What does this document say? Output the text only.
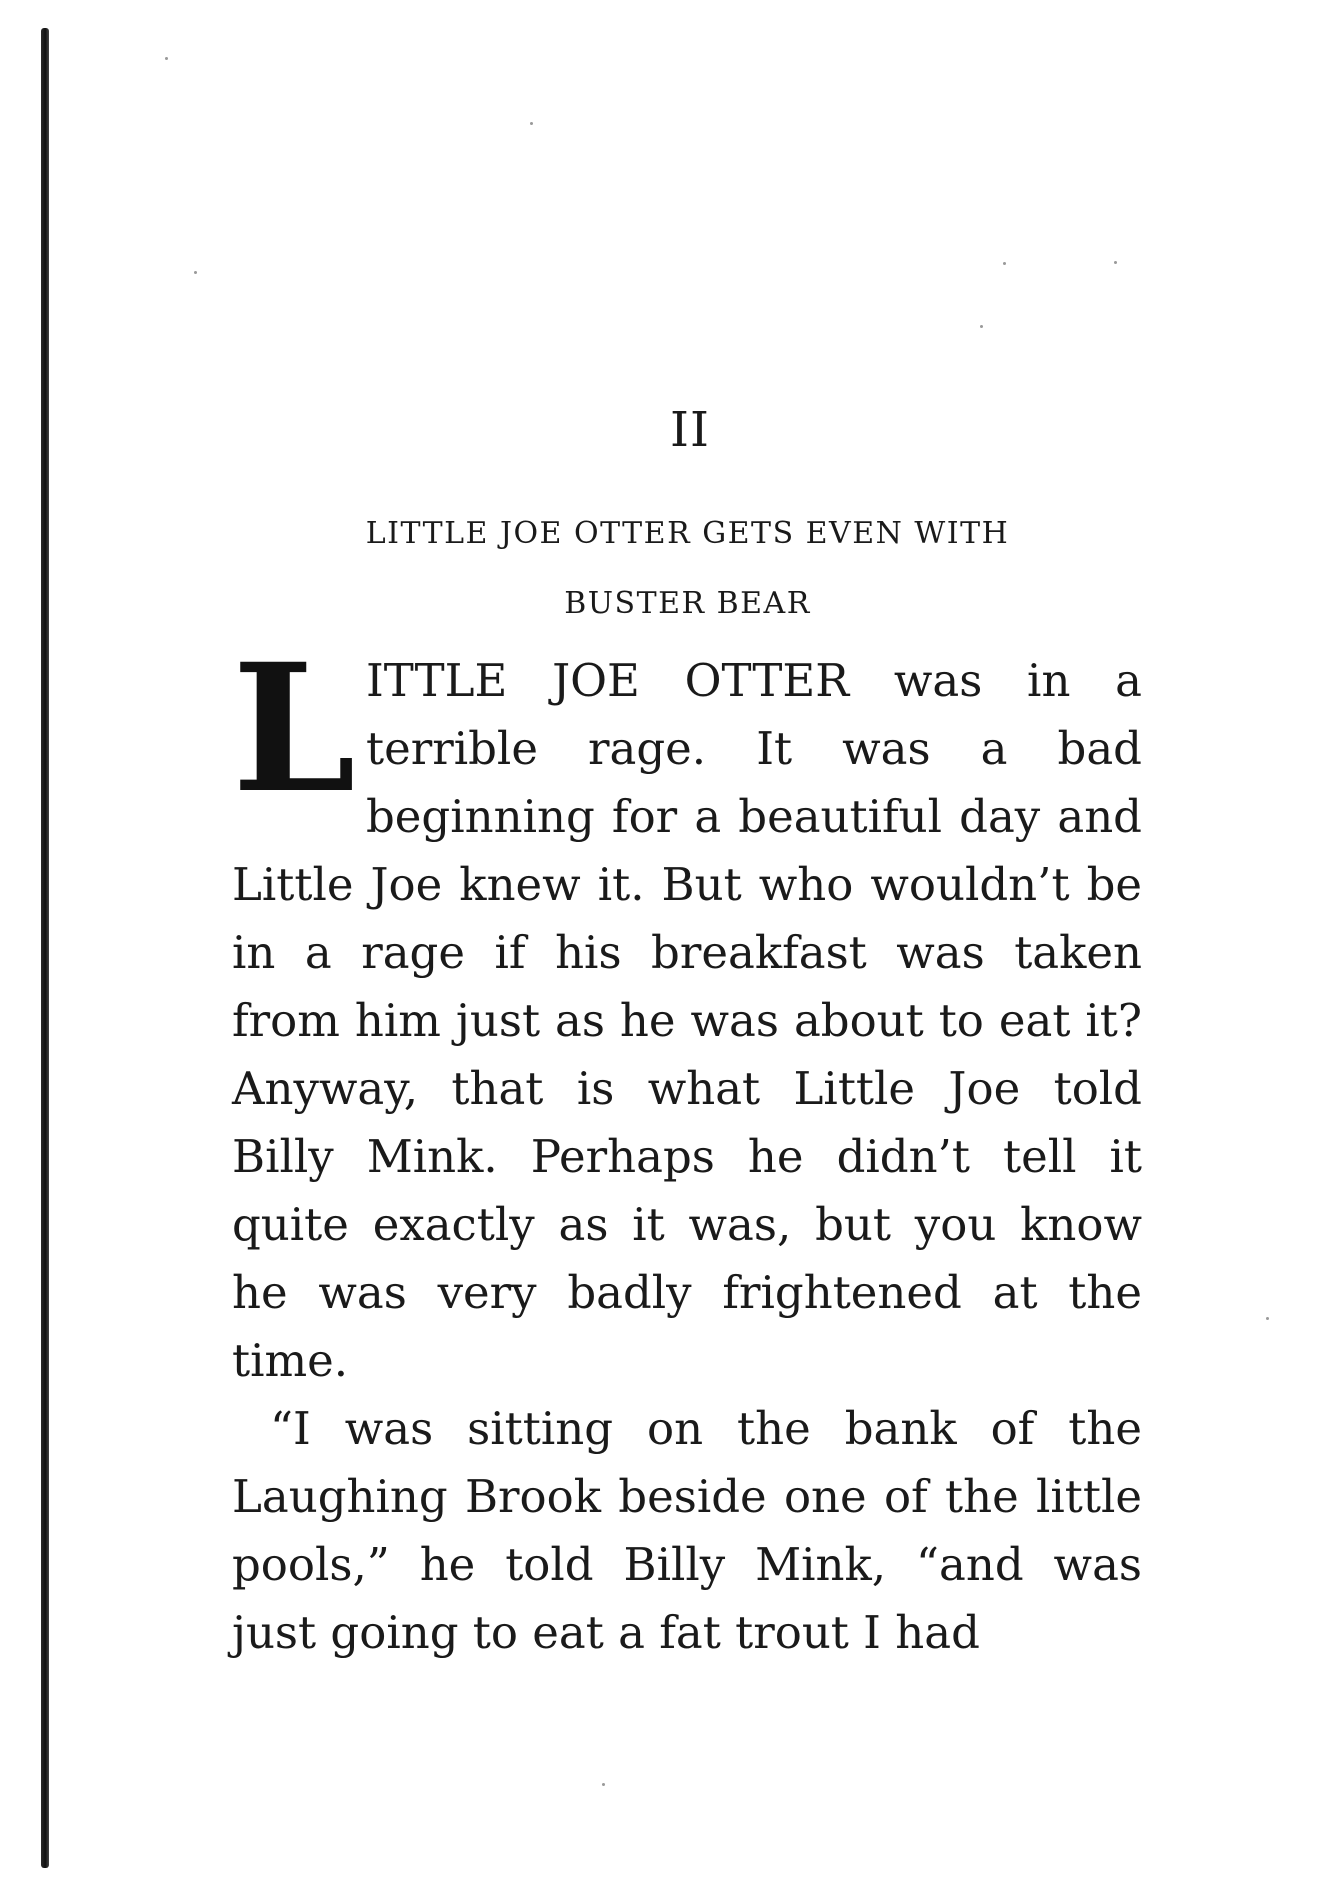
II
LITTLE JOE OTTER GETS EVEN WITH
BUSTER BEAR

L ITTLE JOE OTTER was in a terrible rage. It was a bad beginning for a beautiful day and Little Joe knew it. But who wouldn’t be in a rage if his breakfast was taken from him just as he was about to eat it? Anyway, that is what Little Joe told Billy Mink. Perhaps he didn’t tell it quite exactly as it was, but you know he was very badly frightened at the time.

“I was sitting on the bank of the Laughing Brook beside one of the little pools,” he told Billy Mink, “and was just going to eat a fat trout I had
